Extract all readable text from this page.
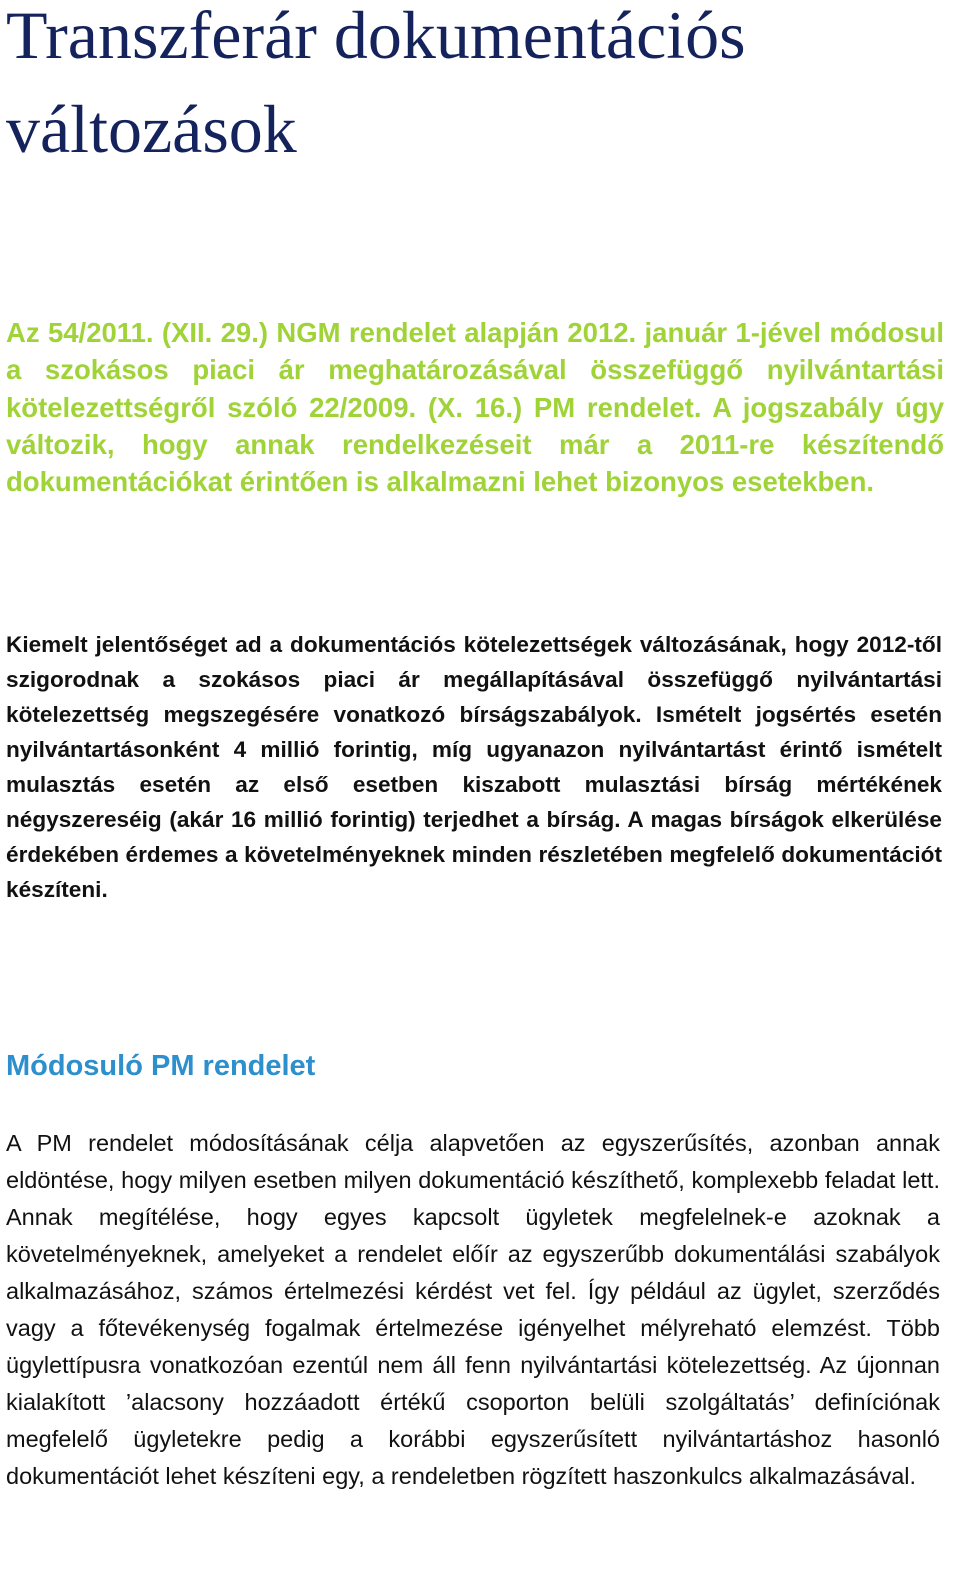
Transzferár dokumentációs változások

Az 54/2011. (XII. 29.) NGM rendelet alapján 2012. január 1-jével módosul a szokásos piaci ár meghatározásával összefüggő nyilvántartási kötelezettségről szóló 22/2009. (X. 16.) PM rendelet. A jogszabály úgy változik, hogy annak rendelkezéseit már a 2011-re készítendő dokumentációkat érintően is alkalmazni lehet bizonyos esetekben.

Kiemelt jelentőséget ad a dokumentációs kötelezettségek változásának, hogy 2012-től szigorodnak a szokásos piaci ár megállapításával összefüggő nyilvántartási kötelezettség megszegésére vonatkozó bírságszabályok. Ismételt jogsértés esetén nyilvántartásonként 4 millió forintig, míg ugyanazon nyilvántartást érintő ismételt mulasztás esetén az első esetben kiszabott mulasztási bírság mértékének négyszereséig (akár 16 millió forintig) terjedhet a bírság. A magas bírságok elkerülése érdekében érdemes a követelményeknek minden részletében megfelelő dokumentációt készíteni.

Módosuló PM rendelet

A PM rendelet módosításának célja alapvetően az egyszerűsítés, azonban annak eldöntése, hogy milyen esetben milyen dokumentáció készíthető, komplexebb feladat lett. Annak megítélése, hogy egyes kapcsolt ügyletek megfelelnek-e azoknak a követelményeknek, amelyeket a rendelet előír az egyszerűbb dokumentálási szabályok alkalmazásához, számos értelmezési kérdést vet fel. Így például az ügylet, szerződés vagy a főtevékenység fogalmak értelmezése igényelhet mélyreható elemzést. Több ügylettípusra vonatkozóan ezentúl nem áll fenn nyilvántartási kötelezettség. Az újonnan kialakított ’alacsony hozzáadott értékű csoporton belüli szolgáltatás’ definíciónak megfelelő ügyletekre pedig a korábbi egyszerűsített nyilvántartáshoz hasonló dokumentációt lehet készíteni egy, a rendeletben rögzített haszonkulcs alkalmazásával.
